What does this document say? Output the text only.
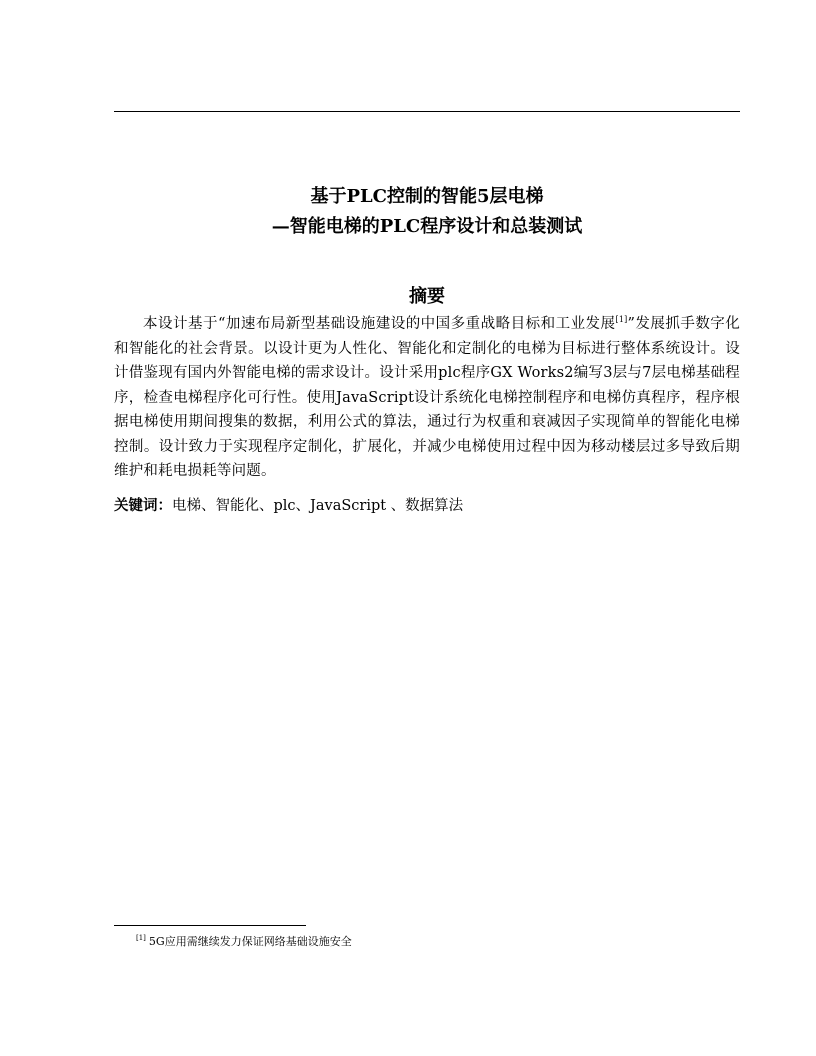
基于PLC控制的智能5层电梯
—智能电梯的PLC程序设计和总装测试
摘要
本设计基于“加速布局新型基础设施建设的中国多重战略目标和工业发展[1]”发展抓手数字化和智能化的社会背景。以设计更为人性化、智能化和定制化的电梯为目标进行整体系统设计。设计借鉴现有国内外智能电梯的需求设计。设计采用plc程序GX Works2编写3层与7层电梯基础程序，检查电梯程序化可行性。使用JavaScript设计系统化电梯控制程序和电梯仿真程序，程序根据电梯使用期间搜集的数据，利用公式的算法，通过行为权重和衰减因子实现简单的智能化电梯控制。设计致力于实现程序定制化，扩展化，并减少电梯使用过程中因为移动楼层过多导致后期维护和耗电损耗等问题。
关键词：电梯、智能化、plc、JavaScript 、数据算法
[1] 5G应用需继续发力保证网络基础设施安全
